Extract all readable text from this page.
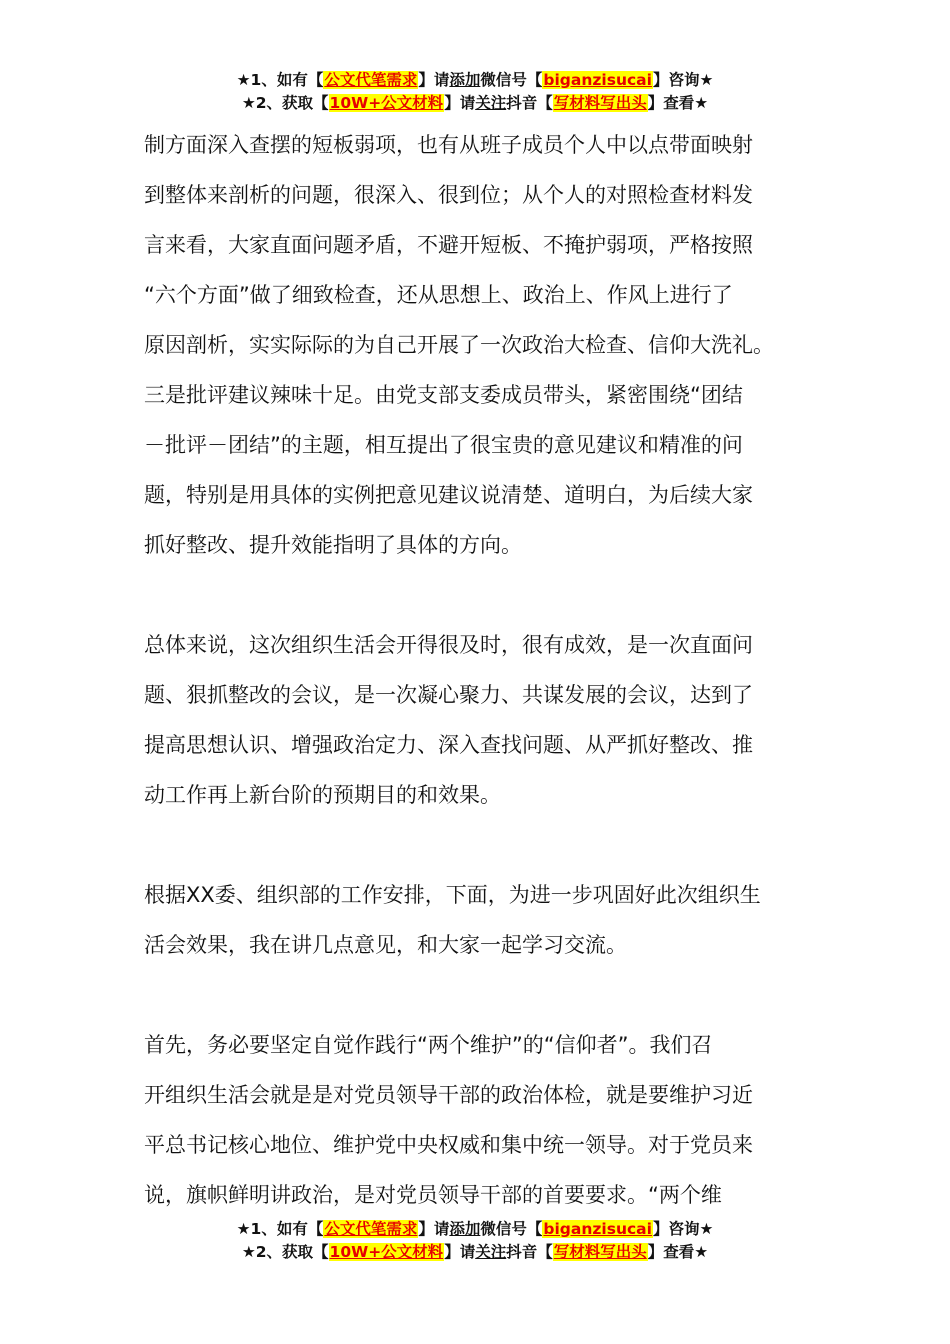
★1、如有【公文代笔需求】请添加微信号【biganzisucai】咨询★
★2、获取【10W+公文材料】请关注抖音【写材料写出头】查看★
制方面深入查摆的短板弱项，也有从班子成员个人中以点带面映射
到整体来剖析的问题，很深入、很到位；从个人的对照检查材料发
言来看，大家直面问题矛盾，不避开短板、不掩护弱项，严格按照
“六个方面”做了细致检查，还从思想上、政治上、作风上进行了
原因剖析，实实际际的为自己开展了一次政治大检查、信仰大洗礼。
三是批评建议辣味十足。由党支部支委成员带头，紧密围绕“团结
－批评－团结”的主题，相互提出了很宝贵的意见建议和精准的问
题，特别是用具体的实例把意见建议说清楚、道明白，为后续大家
抓好整改、提升效能指明了具体的方向。
总体来说，这次组织生活会开得很及时，很有成效，是一次直面问
题、狠抓整改的会议，是一次凝心聚力、共谋发展的会议，达到了
提高思想认识、增强政治定力、深入查找问题、从严抓好整改、推
动工作再上新台阶的预期目的和效果。
根据XX委、组织部的工作安排，下面，为进一步巩固好此次组织生
活会效果，我在讲几点意见，和大家一起学习交流。
首先，务必要坚定自觉作践行“两个维护”的“信仰者”。我们召
开组织生活会就是是对党员领导干部的政治体检，就是要维护习近
平总书记核心地位、维护党中央权威和集中统一领导。对于党员来
说，旗帜鲜明讲政治，是对党员领导干部的首要要求。“两个维
★1、如有【公文代笔需求】请添加微信号【biganzisucai】咨询★
★2、获取【10W+公文材料】请关注抖音【写材料写出头】查看★
